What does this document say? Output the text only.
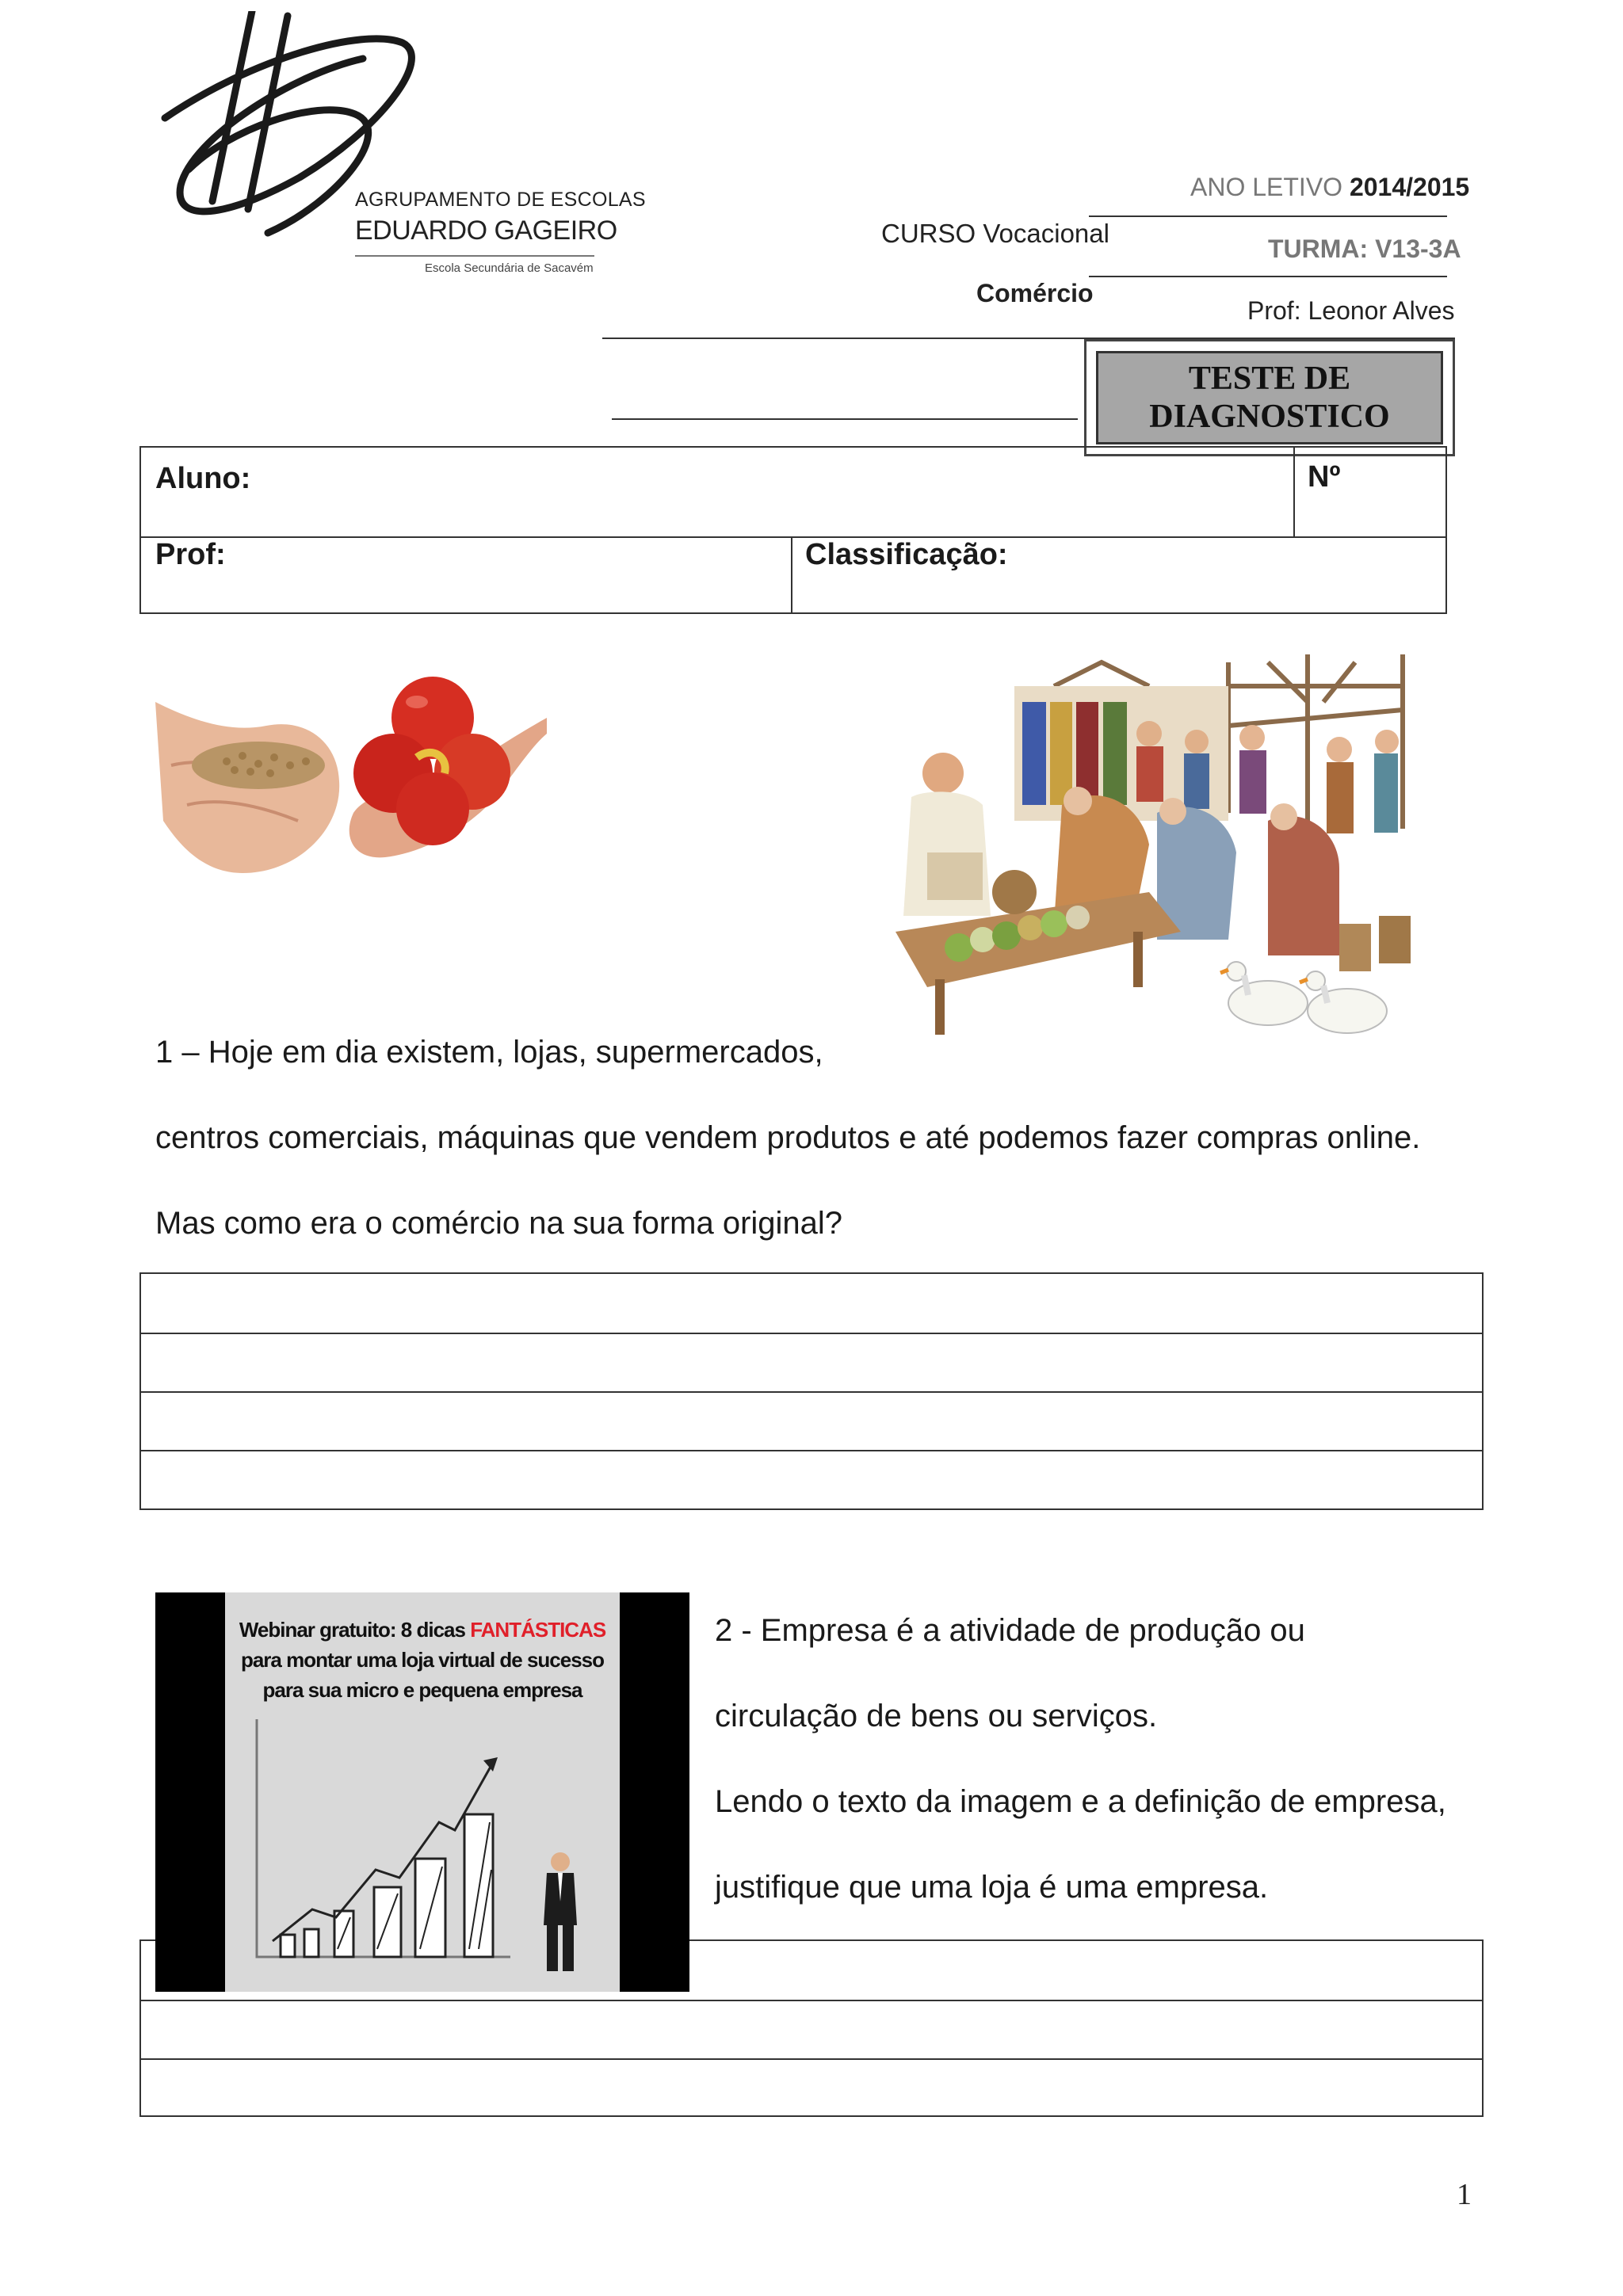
AGRUPAMENTO DE ESCOLAS
EDUARDO GAGEIRO
Escola Secundária de Sacavém
CURSO Vocacional
Comércio
ANO LETIVO 2014/2015
TURMA: V13-3A
Prof: Leonor Alves
TESTE DE
DIAGNOSTICO
Aluno:	Nº
Prof:	Classificação:
1 – Hoje em dia existem, lojas, supermercados,
centros comerciais, máquinas que vendem produtos e até podemos fazer compras online.
Mas como era o comércio na sua forma original?
Webinar gratuito: 8 dicas FANTÁSTICAS
para montar uma loja virtual de sucesso
para sua micro e pequena empresa
2 - Empresa é a atividade de produção ou
circulação de bens ou serviços.
Lendo o texto da imagem e a definição de empresa,
justifique que uma loja é uma empresa.
1
